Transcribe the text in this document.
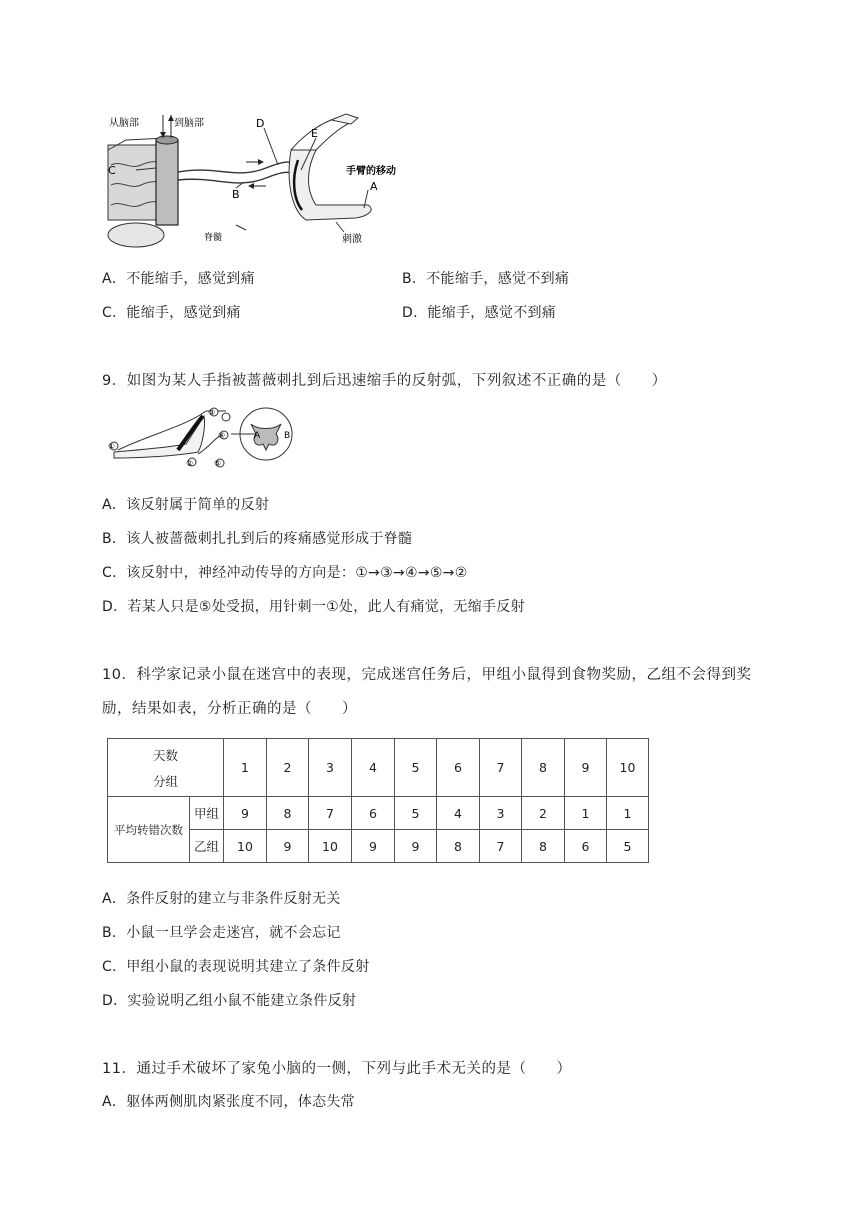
从脑部	到脑部	D
E
C
B
手臂的移动
A
脊髓	刺激
A．不能缩手，感觉到痛	B．不能缩手，感觉不到痛
C．能缩手，感觉到痛	D．能缩手，感觉不到痛
9．如图为某人手指被蔷薇刺扎到后迅速缩手的反射弧，下列叙述不正确的是（　　）
①
②
③
④
⑤
A	B
A．该反射属于简单的反射
B．该人被蔷薇刺扎扎到后的疼痛感觉形成于脊髓
C．该反射中，神经冲动传导的方向是：①→③→④→⑤→②
D．若某人只是⑤处受损，用针刺一①处，此人有痛觉，无缩手反射
10．科学家记录小鼠在迷宫中的表现，完成迷宫任务后，甲组小鼠得到食物奖励，乙组不会得到奖
励，结果如表，分析正确的是（　　）
天数
分组		1	2	3	4	5	6	7	8	9	10
平均转错次数	甲组	9	8	7	6	5	4	3	2	1	1
	乙组	10	9	10	9	9	8	7	8	6	5
A．条件反射的建立与非条件反射无关
B．小鼠一旦学会走迷宫，就不会忘记
C．甲组小鼠的表现说明其建立了条件反射
D．实验说明乙组小鼠不能建立条件反射
11．通过手术破坏了家兔小脑的一侧，下列与此手术无关的是（　　）
A．躯体两侧肌肉紧张度不同，体态失常
